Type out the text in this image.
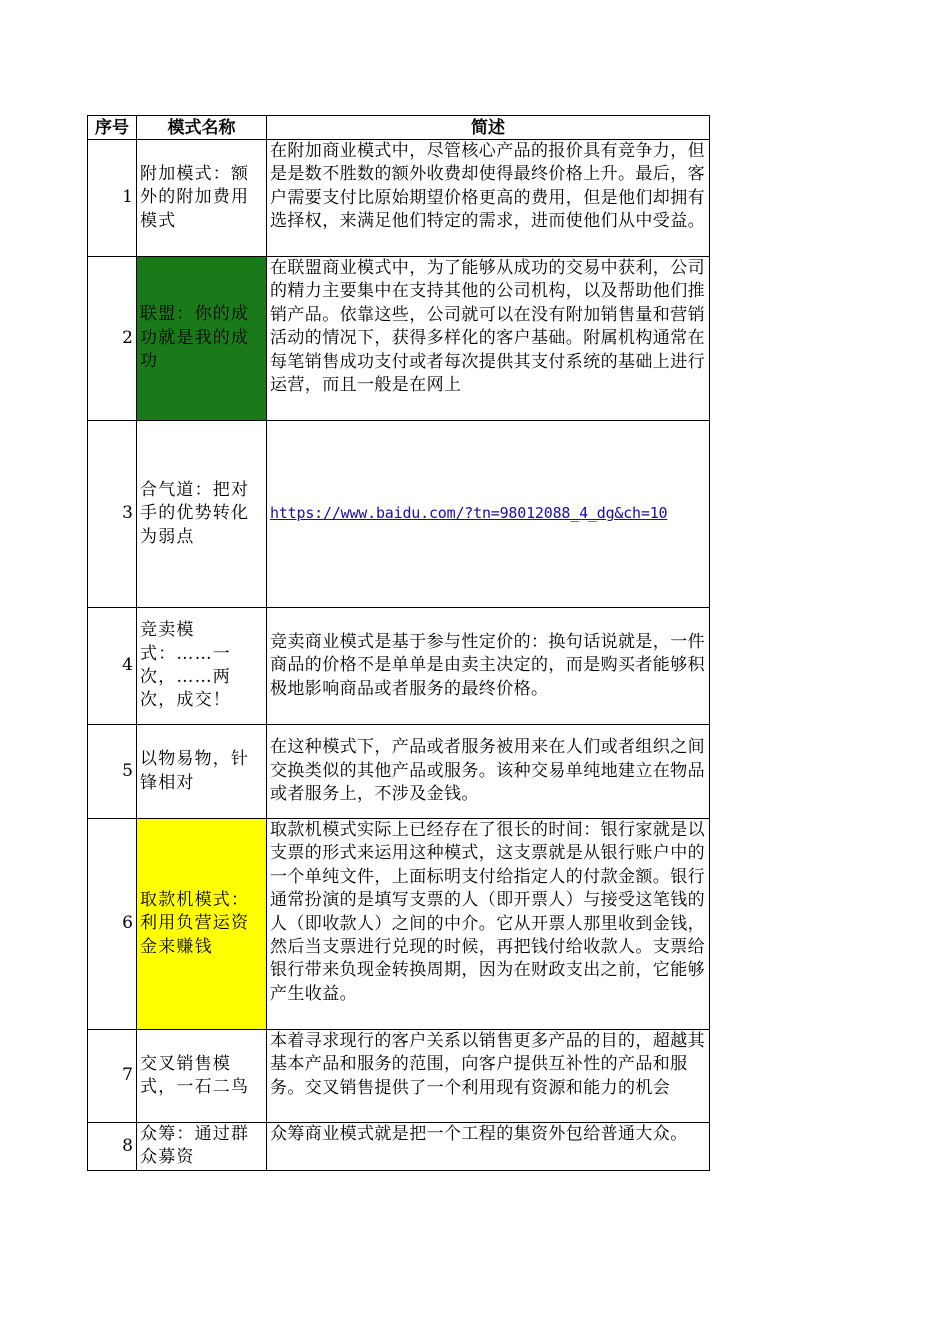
序号	模式名称	简述
1	附加模式：额外的附加费用模式	在附加商业模式中，尽管核心产品的报价具有竞争力，但是是数不胜数的额外收费却使得最终价格上升。最后，客户需要支付比原始期望价格更高的费用，但是他们却拥有选择权，来满足他们特定的需求，进而使他们从中受益。
2	联盟：你的成功就是我的成功	在联盟商业模式中，为了能够从成功的交易中获利，公司的精力主要集中在支持其他的公司机构，以及帮助他们推销产品。依靠这些，公司就可以在没有附加销售量和营销活动的情况下，获得多样化的客户基础。附属机构通常在每笔销售成功支付或者每次提供其支付系统的基础上进行运营，而且一般是在网上
3	合气道：把对手的优势转化为弱点	https://www.baidu.com/?tn=98012088_4_dg&ch=10
4	竞卖模式：……一次，……两次，成交！	竞卖商业模式是基于参与性定价的：换句话说就是，一件商品的价格不是单单是由卖主决定的，而是购买者能够积极地影响商品或者服务的最终价格。
5	以物易物，针锋相对	在这种模式下，产品或者服务被用来在人们或者组织之间交换类似的其他产品或服务。该种交易单纯地建立在物品或者服务上，不涉及金钱。
6	取款机模式：利用负营运资金来赚钱	取款机模式实际上已经存在了很长的时间：银行家就是以支票的形式来运用这种模式，这支票就是从银行账户中的一个单纯文件，上面标明支付给指定人的付款金额。银行通常扮演的是填写支票的人（即开票人）与接受这笔钱的人（即收款人）之间的中介。它从开票人那里收到金钱，然后当支票进行兑现的时候，再把钱付给收款人。支票给银行带来负现金转换周期，因为在财政支出之前，它能够产生收益。
7	交叉销售模式，一石二鸟	本着寻求现行的客户关系以销售更多产品的目的，超越其基本产品和服务的范围，向客户提供互补性的产品和服务。交叉销售提供了一个利用现有资源和能力的机会
8	众筹：通过群众募资	众筹商业模式就是把一个工程的集资外包给普通大众。
